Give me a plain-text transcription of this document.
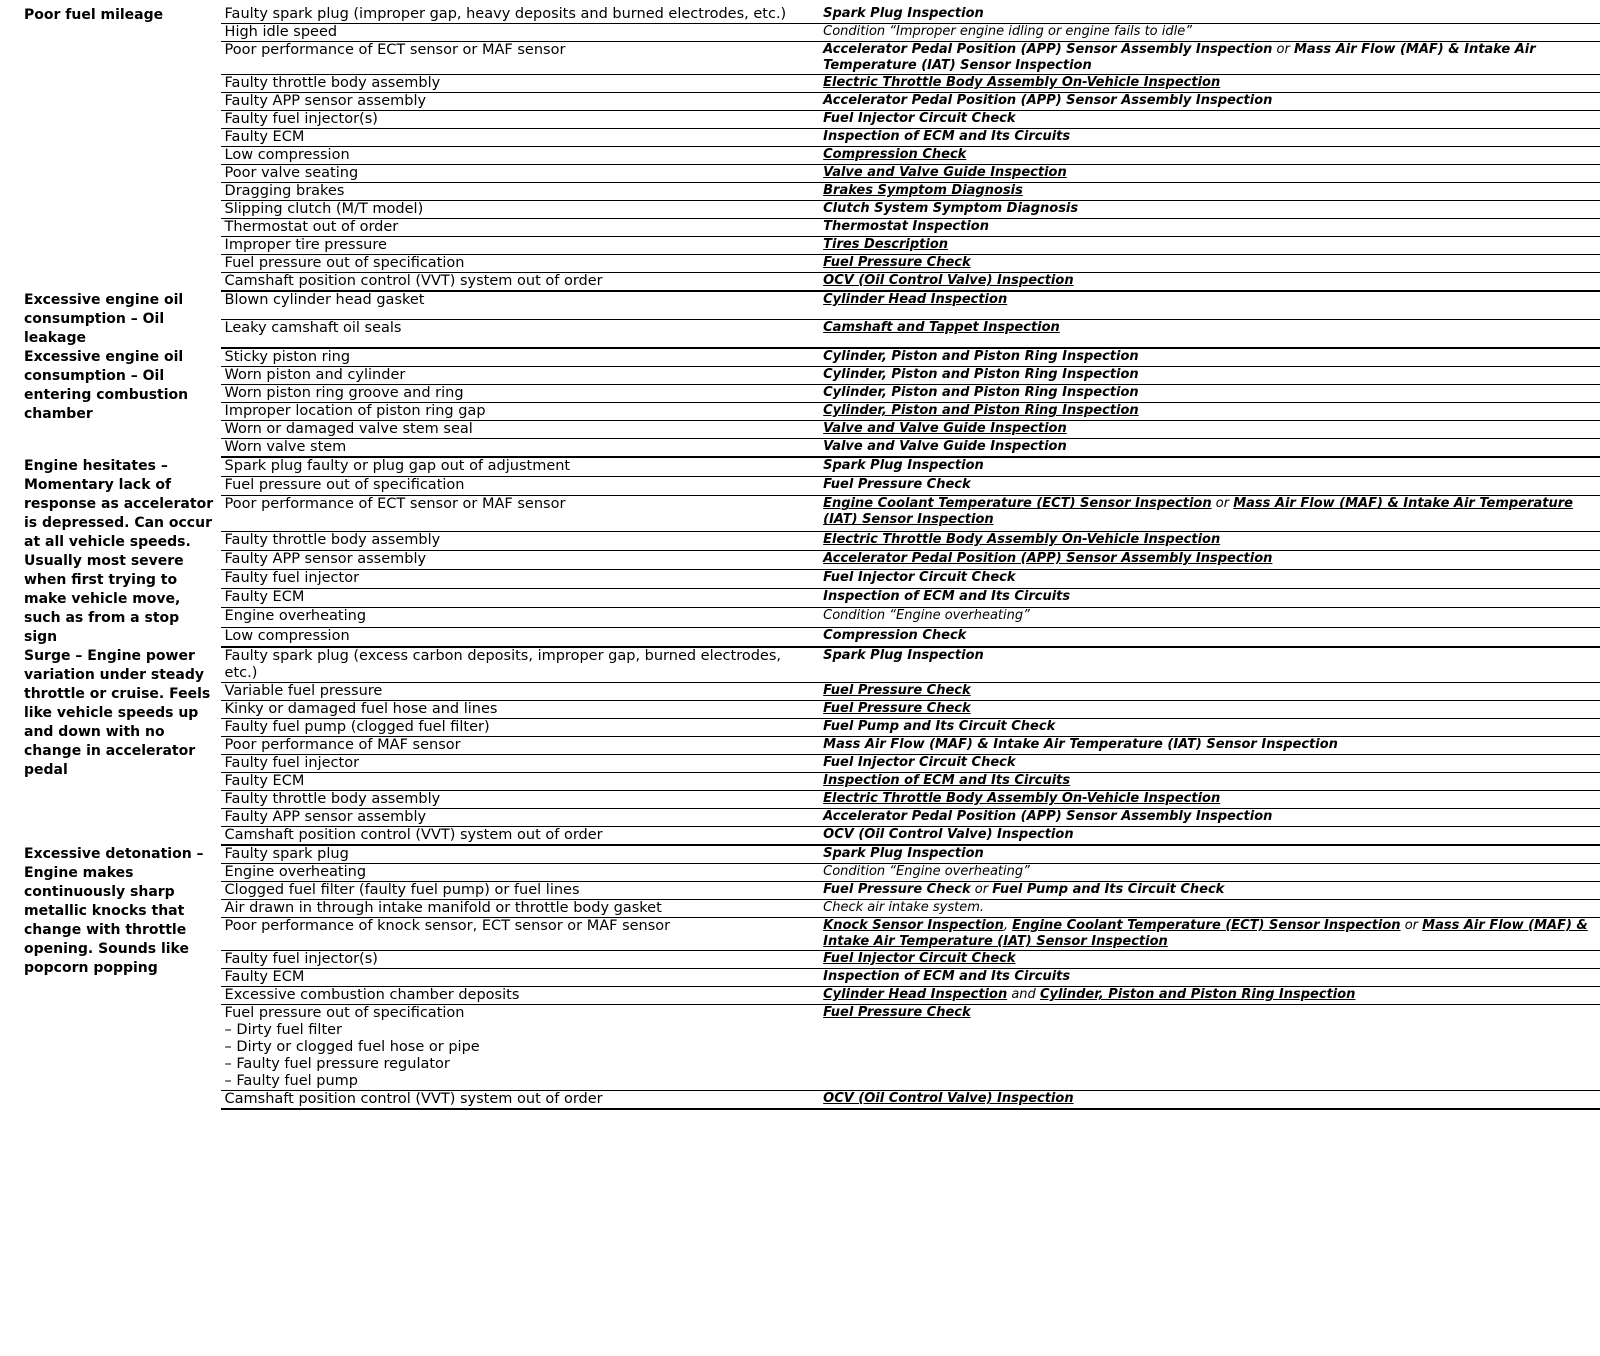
Poor fuel mileage	Faulty spark plug (improper gap, heavy deposits and burned electrodes, etc.)	Spark Plug Inspection
	High idle speed	Condition “Improper engine idling or engine fails to idle”
	Poor performance of ECT sensor or MAF sensor	Accelerator Pedal Position (APP) Sensor Assembly Inspection or Mass Air Flow (MAF) & Intake Air Temperature (IAT) Sensor Inspection
	Faulty throttle body assembly	Electric Throttle Body Assembly On-Vehicle Inspection
	Faulty APP sensor assembly	Accelerator Pedal Position (APP) Sensor Assembly Inspection
	Faulty fuel injector(s)	Fuel Injector Circuit Check
	Faulty ECM	Inspection of ECM and Its Circuits
	Low compression	Compression Check
	Poor valve seating	Valve and Valve Guide Inspection
	Dragging brakes	Brakes Symptom Diagnosis
	Slipping clutch (M/T model)	Clutch System Symptom Diagnosis
	Thermostat out of order	Thermostat Inspection
	Improper tire pressure	Tires Description
	Fuel pressure out of specification	Fuel Pressure Check
	Camshaft position control (VVT) system out of order	OCV (Oil Control Valve) Inspection
Excessive engine oil consumption – Oil leakage	Blown cylinder head gasket	Cylinder Head Inspection
	Leaky camshaft oil seals	Camshaft and Tappet Inspection
Excessive engine oil consumption – Oil entering combustion chamber	Sticky piston ring	Cylinder, Piston and Piston Ring Inspection
	Worn piston and cylinder	Cylinder, Piston and Piston Ring Inspection
	Worn piston ring groove and ring	Cylinder, Piston and Piston Ring Inspection
	Improper location of piston ring gap	Cylinder, Piston and Piston Ring Inspection
	Worn or damaged valve stem seal	Valve and Valve Guide Inspection
	Worn valve stem	Valve and Valve Guide Inspection
Engine hesitates – Momentary lack of response as accelerator is depressed. Can occur at all vehicle speeds. Usually most severe when first trying to make vehicle move, such as from a stop sign	Spark plug faulty or plug gap out of adjustment	Spark Plug Inspection
	Fuel pressure out of specification	Fuel Pressure Check
	Poor performance of ECT sensor or MAF sensor	Engine Coolant Temperature (ECT) Sensor Inspection or Mass Air Flow (MAF) & Intake Air Temperature (IAT) Sensor Inspection
	Faulty throttle body assembly	Electric Throttle Body Assembly On-Vehicle Inspection
	Faulty APP sensor assembly	Accelerator Pedal Position (APP) Sensor Assembly Inspection
	Faulty fuel injector	Fuel Injector Circuit Check
	Faulty ECM	Inspection of ECM and Its Circuits
	Engine overheating	Condition “Engine overheating”
	Low compression	Compression Check
Surge – Engine power variation under steady throttle or cruise. Feels like vehicle speeds up and down with no change in accelerator pedal	Faulty spark plug (excess carbon deposits, improper gap, burned electrodes, etc.)	Spark Plug Inspection
	Variable fuel pressure	Fuel Pressure Check
	Kinky or damaged fuel hose and lines	Fuel Pressure Check
	Faulty fuel pump (clogged fuel filter)	Fuel Pump and Its Circuit Check
	Poor performance of MAF sensor	Mass Air Flow (MAF) & Intake Air Temperature (IAT) Sensor Inspection
	Faulty fuel injector	Fuel Injector Circuit Check
	Faulty ECM	Inspection of ECM and Its Circuits
	Faulty throttle body assembly	Electric Throttle Body Assembly On-Vehicle Inspection
	Faulty APP sensor assembly	Accelerator Pedal Position (APP) Sensor Assembly Inspection
	Camshaft position control (VVT) system out of order	OCV (Oil Control Valve) Inspection
Excessive detonation – Engine makes continuously sharp metallic knocks that change with throttle opening. Sounds like popcorn popping	Faulty spark plug	Spark Plug Inspection
	Engine overheating	Condition “Engine overheating”
	Clogged fuel filter (faulty fuel pump) or fuel lines	Fuel Pressure Check or Fuel Pump and Its Circuit Check
	Air drawn in through intake manifold or throttle body gasket	Check air intake system.
	Poor performance of knock sensor, ECT sensor or MAF sensor	Knock Sensor Inspection, Engine Coolant Temperature (ECT) Sensor Inspection or Mass Air Flow (MAF) & Intake Air Temperature (IAT) Sensor Inspection
	Faulty fuel injector(s)	Fuel Injector Circuit Check
	Faulty ECM	Inspection of ECM and Its Circuits
	Excessive combustion chamber deposits	Cylinder Head Inspection and Cylinder, Piston and Piston Ring Inspection
	Fuel pressure out of specification
– Dirty fuel filter
– Dirty or clogged fuel hose or pipe
– Faulty fuel pressure regulator
– Faulty fuel pump	Fuel Pressure Check
	Camshaft position control (VVT) system out of order	OCV (Oil Control Valve) Inspection
